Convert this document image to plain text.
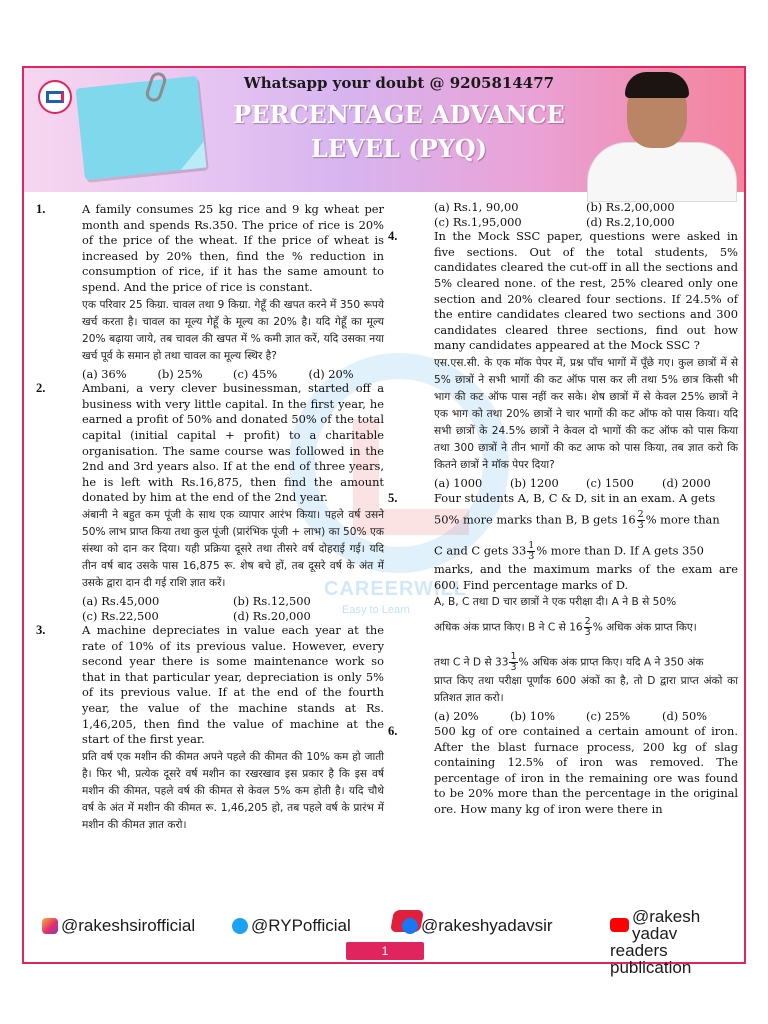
Whatsapp your doubt @ 9205814477
PERCENTAGE ADVANCE
LEVEL (PYQ)
CAREERWILL
Easy to Learn
1.	A family consumes 25 kg rice and 9 kg wheat per month and spends Rs.350. The price of rice is 20% of the price of the wheat. If the price of wheat is increased by 20% then, find the % reduction in consumption of rice, if it has the same amount to spend. And the price of rice is constant.
एक परिवार 25 किग्रा. चावल तथा 9 किग्रा. गेहूँ की खपत करने में 350 रूपये खर्च करता है। चावल का मूल्य गेहूँ के मूल्य का 20% है। यदि गेहूँ का मूल्य 20% बढ़ाया जाये, तब चावल की खपत में % कमी ज्ञात करें, यदि उसका नया खर्च पूर्व के समान हो तथा चावल का मूल्य स्थिर है?
(a) 36%	(b) 25%	(c) 45%	(d) 20%
2.	Ambani, a very clever businessman, started off a business with very little capital. In the first year, he earned a profit of 50% and donated 50% of the total capital (initial capital + profit) to a charitable organisation. The same course was followed in the 2nd and 3rd years also. If at the end of three years, he is left with Rs.16,875, then find the amount donated by him at the end of the 2nd year.
अंबानी ने बहुत कम पूंजी के साथ एक व्यापार आरंभ किया। पहले वर्ष उसने 50% लाभ प्राप्त किया तथा कुल पूंजी (प्रारंभिक पूंजी + लाभ) का 50% एक संस्था को दान कर दिया। यही प्रक्रिया दूसरे तथा तीसरे वर्ष दोहराई गई। यदि तीन वर्ष बाद उसके पास 16,875 रू. शेष बचे हों, तब दूसरे वर्ष के अंत में उसके द्वारा दान दी गई राशि ज्ञात करें।
(a) Rs.45,000	(b) Rs.12,500
(c) Rs.22,500	(d) Rs.20,000
3.	A machine depreciates in value each year at the rate of 10% of its previous value. However, every second year there is some maintenance work so that in that particular year, depreciation is only 5% of its previous value. If at the end of the fourth year, the value of the machine stands at Rs. 1,46,205, then find the value of machine at the start of the first year.
प्रति वर्ष एक मशीन की कीमत अपने पहले की कीमत की 10% कम हो जाती है। फिर भी, प्रत्येक दूसरे वर्ष मशीन का रखरखाव इस प्रकार है कि इस वर्ष मशीन की कीमत, पहले वर्ष की कीमत से केवल 5% कम होती है। यदि चौथे वर्ष के अंत में मशीन की कीमत रू. 1,46,205 हो, तब पहले वर्ष के प्रारंभ में मशीन की कीमत ज्ञात करो।
(a) Rs.1, 90,00	(b) Rs.2,00,000
(c) Rs.1,95,000	(d) Rs.2,10,000
4.	In the Mock SSC paper, questions were asked in five sections. Out of the total students, 5% candidates cleared the cut-off in all the sections and 5% cleared none. of the rest, 25% cleared only one section and 20% cleared four sections. If 24.5% of the entire candidates cleared two sections and 300 candidates cleared three sections, find out how many candidates appeared at the Mock SSC ?
एस.एस.सी. के एक मॉक पेपर में, प्रश्न पाँच भागों में पूँछे गए। कुल छात्रों में से 5% छात्रों ने सभी भागों की कट ऑफ पास कर ली तथा 5% छात्र किसी भी भाग की कट ऑफ पास नहीं कर सके। शेष छात्रों में से केवल 25% छात्रों ने एक भाग को तथा 20% छात्रों ने चार भागों की कट ऑफ को पास किया। यदि सभी छात्रों के 24.5% छात्रों ने केवल दो भागों की कट ऑफ को पास किया तथा 300 छात्रों ने तीन भागों की कट आफ को पास किया, तब ज्ञात करो कि कितने छात्रों ने मॉक पेपर दिया?
(a) 1000	(b) 1200	(c) 1500	(d) 2000
5.	Four students A, B, C & D, sit in an exam. A gets
50% more marks than B, B gets $16 \frac{2}{3}$ % more than
C and C gets $33 \frac{1}{3}$ % more than D. If A gets 350
marks, and the maximum marks of the exam are 600. Find percentage marks of D.
A, B, C तथा D चार छात्रों ने एक परीक्षा दी। A ने B से 50%
अधिक अंक प्राप्त किए। B ने C से $16 \frac{2}{3}$ % अधिक अंक प्राप्त किए।
तथा C ने D से $33 \frac{1}{3}$ % अधिक अंक प्राप्त किए। यदि A ने 350 अंक
प्राप्त किए तथा परीक्षा पूर्णांक 600 अंकों का है, तो D द्वारा प्राप्त अंको का प्रतिशत ज्ञात करो।
(a) 20%	(b) 10%	(c) 25%	(d) 50%
6.	500 kg of ore contained a certain amount of iron. After the blast furnace process, 200 kg of slag containing 12.5% of iron was removed. The percentage of iron in the remaining ore was found to be 20% more than the percentage in the original ore. How many kg of iron were there in
@rakeshsirofficial	@RYPofficial	@rakeshyadavsir	@rakesh yadav
readers publication
1
